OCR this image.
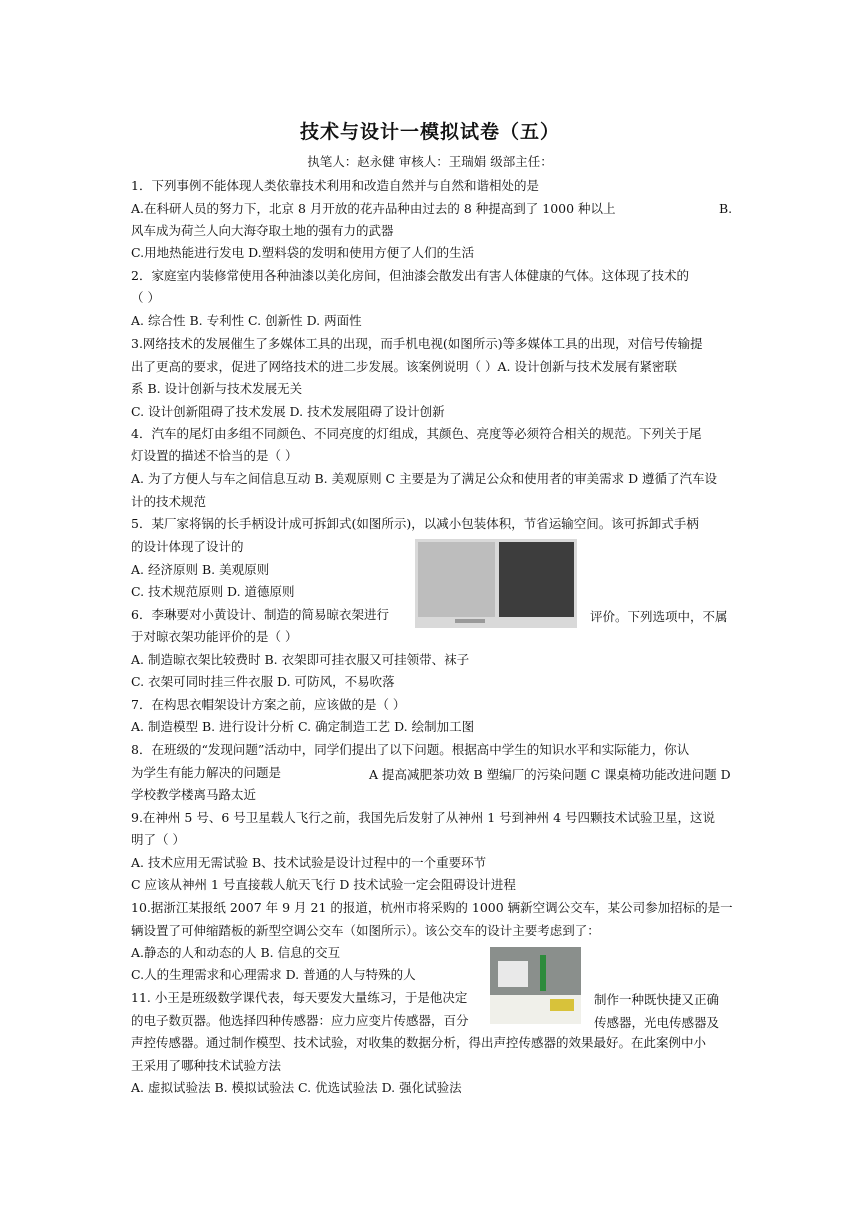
技术与设计一模拟试卷（五）
执笔人：赵永健 审核人：王瑞娟 级部主任：
1．下列事例不能体现人类依靠技术利用和改造自然并与自然和谐相处的是
A.在科研人员的努力下，北京 8 月开放的花卉品种由过去的 8 种提高到了 1000 种以上	B.
风车成为荷兰人向大海夺取土地的强有力的武器
C.用地热能进行发电 D.塑料袋的发明和使用方便了人们的生活
2．家庭室内装修常使用各种油漆以美化房间，但油漆会散发出有害人体健康的气体。这体现了技术的
（ ）
A. 综合性 B. 专利性 C. 创新性 D. 两面性
3.网络技术的发展催生了多媒体工具的出现，而手机电视(如图所示)等多媒体工具的出现，对信号传输提
出了更高的要求，促进了网络技术的进二步发展。该案例说明（ ）A. 设计创新与技术发展有紧密联
系 B. 设计创新与技术发展无关
C. 设计创新阻碍了技术发展 D. 技术发展阻碍了设计创新
4．汽车的尾灯由多组不同颜色、不同亮度的灯组成，其颜色、亮度等必须符合相关的规范。下列关于尾
灯设置的描述不恰当的是（ ）
A. 为了方便人与车之间信息互动 B. 美观原则 C 主要是为了满足公众和使用者的审美需求 D 遵循了汽车设
计的技术规范
5．某厂家将锅的长手柄设计成可拆卸式(如图所示)，以减小包装体积，节省运输空间。该可拆卸式手柄
的设计体现了设计的
A. 经济原则 B. 美观原则
C. 技术规范原则 D. 道德原则
6．李琳要对小黄设计、制造的简易晾衣架进行	评价。下列选项中，不属
于对晾衣架功能评价的是（ ）
A. 制造晾衣架比较费时 B. 衣架即可挂衣服又可挂领带、袜子
C. 衣架可同时挂三件衣服 D. 可防风，不易吹落
7．在构思衣帽架设计方案之前，应该做的是（ ）
A. 制造模型 B. 进行设计分析 C. 确定制造工艺 D. 绘制加工图
8．在班级的“发现问题”活动中，同学们提出了以下问题。根据高中学生的知识水平和实际能力，你认
为学生有能力解决的问题是	A 提高减肥茶功效 B 塑编厂的污染问题 C 课桌椅功能改进问题 D
学校教学楼离马路太近
9.在神州 5 号、6 号卫星载人飞行之前，我国先后发射了从神州 1 号到神州 4 号四颗技术试验卫星，这说
明了（ ）
A. 技术应用无需试验 B、技术试验是设计过程中的一个重要环节
C 应该从神州 1 号直接载人航天飞行 D 技术试验一定会阻碍设计进程
10.据浙江某报纸 2007 年 9 月 21 的报道，杭州市将采购的 1000 辆新空调公交车，某公司参加招标的是一
辆设置了可伸缩踏板的新型空调公交车（如图所示）。该公交车的设计主要考虑到了：
A.静态的人和动态的人 B. 信息的交互
C.人的生理需求和心理需求 D. 普通的人与特殊的人
11. 小王是班级数学课代表，每天要发大量练习，于是他决定	制作一种既快捷又正确
的电子数页器。他选择四种传感器：应力应变片传感器，百分	传感器，光电传感器及
声控传感器。通过制作模型、技术试验，对收集的数据分析，得出声控传感器的效果最好。在此案例中小
王采用了哪种技术试验方法
A. 虚拟试验法 B. 模拟试验法 C. 优选试验法 D. 强化试验法
